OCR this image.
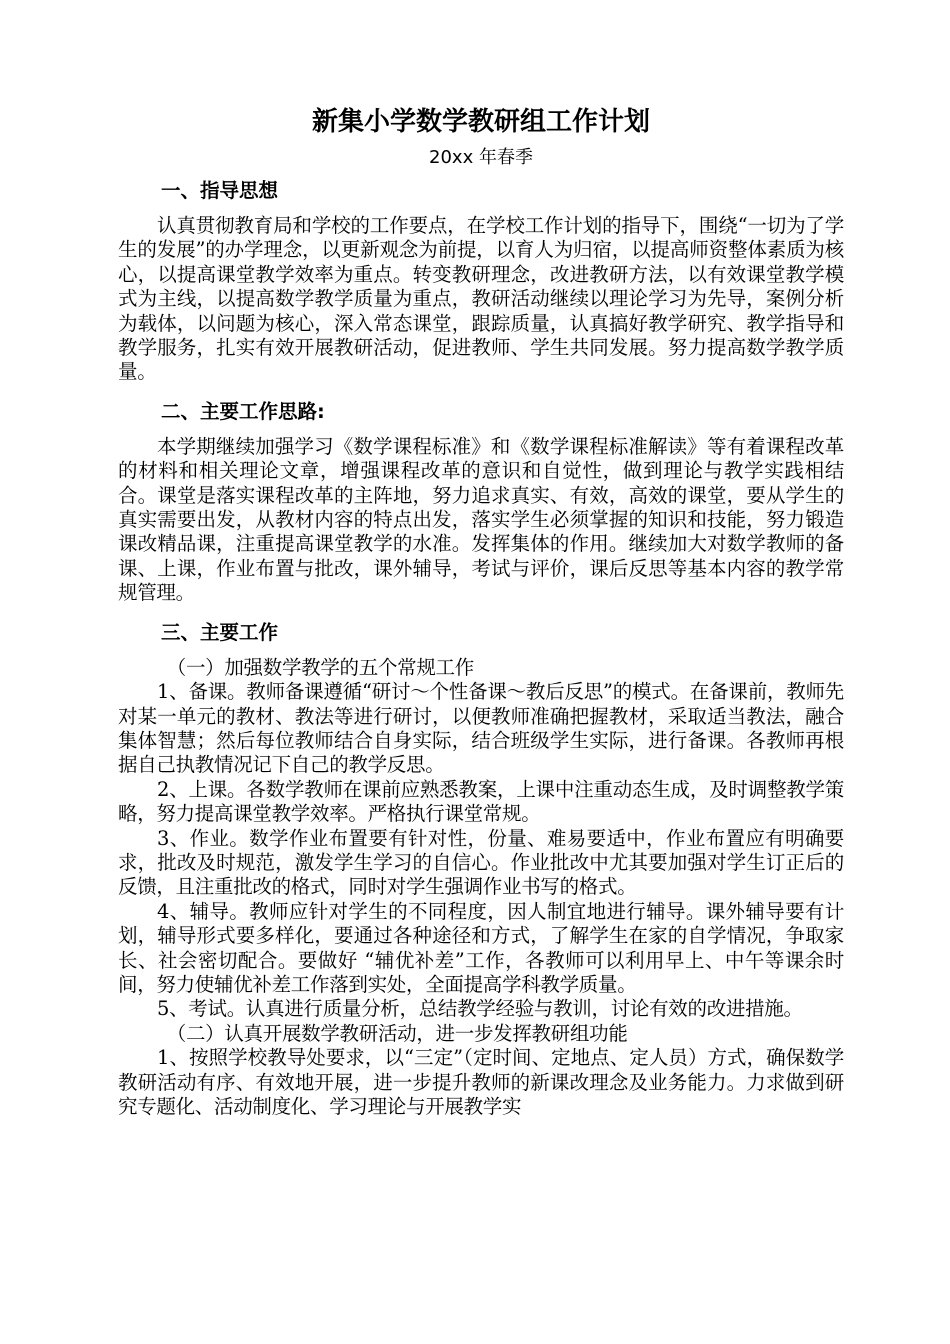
新集小学数学教研组工作计划
20xx 年春季
一、指导思想

认真贯彻教育局和学校的工作要点，在学校工作计划的指导下，围绕“一切为了学生的发展”的办学理念，以更新观念为前提，以育人为归宿，以提高师资整体素质为核心，以提高课堂教学效率为重点。转变教研理念，改进教研方法，以有效课堂教学模式为主线，以提高数学教学质量为重点，教研活动继续以理论学习为先导，案例分析为载体，以问题为核心，深入常态课堂，跟踪质量，认真搞好教学研究、教学指导和教学服务，扎实有效开展教研活动，促进教师、学生共同发展。努力提高数学教学质量。

二、主要工作思路:

本学期继续加强学习《数学课程标准》和《数学课程标准解读》等有着课程改革的材料和相关理论文章，增强课程改革的意识和自觉性，做到理论与教学实践相结合。课堂是落实课程改革的主阵地，努力追求真实、有效，高效的课堂，要从学生的真实需要出发，从教材内容的特点出发，落实学生必须掌握的知识和技能，努力锻造课改精品课，注重提高课堂教学的水准。发挥集体的作用。继续加大对数学教师的备课、上课，作业布置与批改，课外辅导，考试与评价，课后反思等基本内容的教学常规管理。

三、主要工作

（一）加强数学教学的五个常规工作

1、备课。教师备课遵循“研讨～个性备课～教后反思”的模式。在备课前，教师先对某一单元的教材、教法等进行研讨，以便教师准确把握教材，采取适当教法，融合集体智慧；然后每位教师结合自身实际，结合班级学生实际，进行备课。各教师再根据自己执教情况记下自己的教学反思。

2、上课。各数学教师在课前应熟悉教案，上课中注重动态生成，及时调整教学策略，努力提高课堂教学效率。严格执行课堂常规。

3、作业。数学作业布置要有针对性，份量、难易要适中，作业布置应有明确要求，批改及时规范，激发学生学习的自信心。作业批改中尤其要加强对学生订正后的反馈，且注重批改的格式，同时对学生强调作业书写的格式。

4、辅导。教师应针对学生的不同程度，因人制宜地进行辅导。课外辅导要有计划，辅导形式要多样化，要通过各种途径和方式，了解学生在家的自学情况，争取家长、社会密切配合。要做好 “辅优补差”工作，各教师可以利用早上、中午等课余时间，努力使辅优补差工作落到实处，全面提高学科教学质量。

5、考试。认真进行质量分析，总结教学经验与教训，讨论有效的改进措施。

（二）认真开展数学教研活动，进一步发挥教研组功能

1、按照学校教导处要求，以“三定”（定时间、定地点、定人员）方式，确保数学教研活动有序、有效地开展，进一步提升教师的新课改理念及业务能力。力求做到研究专题化、活动制度化、学习理论与开展教学实
